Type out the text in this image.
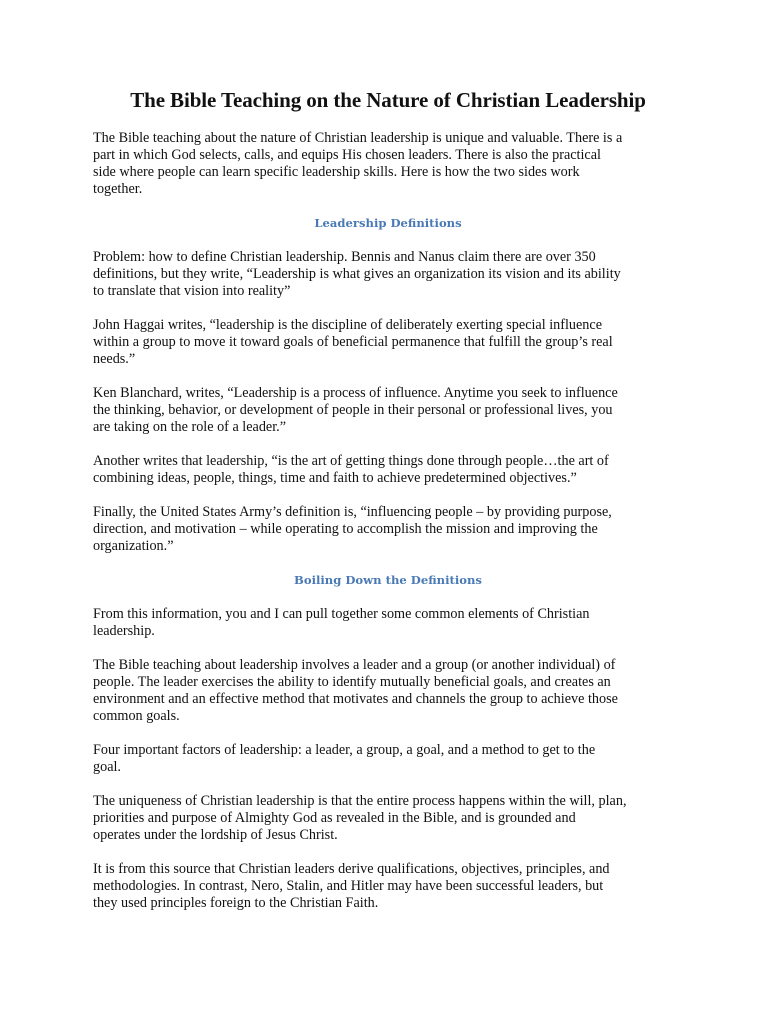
The Bible Teaching on the Nature of Christian Leadership

The Bible teaching about the nature of Christian leadership is unique and valuable. There is a
part in which God selects, calls, and equips His chosen leaders. There is also the practical
side where people can learn specific leadership skills. Here is how the two sides work
together.

Leadership Definitions

Problem: how to define Christian leadership. Bennis and Nanus claim there are over 350
definitions, but they write, “Leadership is what gives an organization its vision and its ability
to translate that vision into reality”

John Haggai writes, “leadership is the discipline of deliberately exerting special influence
within a group to move it toward goals of beneficial permanence that fulfill the group’s real
needs.”

Ken Blanchard, writes, “Leadership is a process of influence. Anytime you seek to influence
the thinking, behavior, or development of people in their personal or professional lives, you
are taking on the role of a leader.”

Another writes that leadership, “is the art of getting things done through people…the art of
combining ideas, people, things, time and faith to achieve predetermined objectives.”

Finally, the United States Army’s definition is, “influencing people – by providing purpose,
direction, and motivation – while operating to accomplish the mission and improving the
organization.”

Boiling Down the Definitions

From this information, you and I can pull together some common elements of Christian
leadership.

The Bible teaching about leadership involves a leader and a group (or another individual) of
people. The leader exercises the ability to identify mutually beneficial goals, and creates an
environment and an effective method that motivates and channels the group to achieve those
common goals.

Four important factors of leadership: a leader, a group, a goal, and a method to get to the
goal.

The uniqueness of Christian leadership is that the entire process happens within the will, plan,
priorities and purpose of Almighty God as revealed in the Bible, and is grounded and
operates under the lordship of Jesus Christ.

It is from this source that Christian leaders derive qualifications, objectives, principles, and
methodologies. In contrast, Nero, Stalin, and Hitler may have been successful leaders, but
they used principles foreign to the Christian Faith.
